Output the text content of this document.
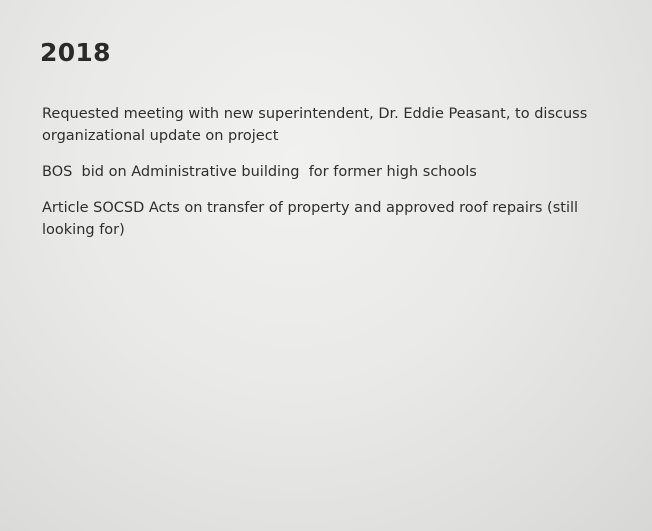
2018
Requested meeting with new superintendent, Dr. Eddie Peasant, to discuss organizational update on project
BOS  bid on Administrative building  for former high schools
Article SOCSD Acts on transfer of property and approved roof repairs (still looking for)
